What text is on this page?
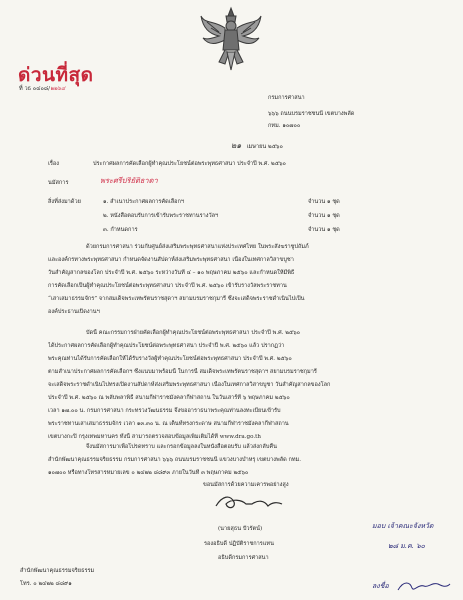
ด่วนที่สุด
ที่ วธ ๐๔๐๘/๒๒๖๔
กรมการศาสนา
๖๖๖ ถนนบรมราชชนนี เขตบางพลัด
กทม. ๑๐๗๐๐
๒๑ เมษายน ๒๕๖๐
เรื่อง	ประกาศผลการคัดเลือกผู้ทำคุณประโยชน์ต่อพระพุทธศาสนา ประจำปี พ.ศ. ๒๕๖๐
นมัสการ	พระศรีปริยัติธาดา
สิ่งที่ส่งมาด้วย	๑. สำเนาประกาศผลการคัดเลือกฯ	จำนวน ๑ ชุด
๒. หนังสือตอบรับการเข้ารับพระราชทานรางวัลฯ	จำนวน ๑ ชุด
๓. กำหนดการ	จำนวน ๑ ชุด
ด้วยกรมการศาสนา ร่วมกับศูนย์ส่งเสริมพระพุทธศาสนาแห่งประเทศไทย ในพระสังฆราชูปถัมภ์
และองค์กรทางพระพุทธศาสนา กำหนดจัดงานสัปดาห์ส่งเสริมพระพุทธศาสนา เนื่องในเทศกาลวิสาขบูชา
วันสำคัญสากลของโลก ประจำปี พ.ศ. ๒๕๖๐ ระหว่างวันที่ ๔ – ๑๐ พฤษภาคม ๒๕๖๐ และกำหนดให้มีพิธี
การคัดเลือกเป็นผู้ทำคุณประโยชน์ต่อพระพุทธศาสนา ประจำปี พ.ศ. ๒๕๖๐ เข้ารับรางวัลพระราชทาน
“เสาเสมาธรรมจักร” จากสมเด็จพระเทพรัตนราชสุดาฯ สยามบรมราชกุมารี ซึ่งจะเสด็จพระราชดำเนินไปเป็น
องค์ประธานเปิดงานฯ
บัดนี้ คณะกรรมการฝ่ายคัดเลือกผู้ทำคุณประโยชน์ต่อพระพุทธศาสนา ประจำปี พ.ศ. ๒๕๖๐
ได้ประกาศผลการคัดเลือกผู้ทำคุณประโยชน์ต่อพระพุทธศาสนา ประจำปี พ.ศ. ๒๕๖๐ แล้ว ปรากฏว่า
พระคุณท่านได้รับการคัดเลือกให้ได้รับรางวัลผู้ทำคุณประโยชน์ต่อพระพุทธศาสนา ประจำปี พ.ศ. ๒๕๖๐
ตามสำเนาประกาศผลการคัดเลือกฯ ซึ่งแนบมาพร้อมนี้ ในการนี้ สมเด็จพระเทพรัตนราชสุดาฯ สยามบรมราชกุมารี
จะเสด็จพระราชดำเนินไปทรงเปิดงานสัปดาห์ส่งเสริมพระพุทธศาสนา เนื่องในเทศกาลวิสาขบูชา วันสำคัญสากลของโลก
ประจำปี พ.ศ. ๒๕๖๐ ณ พลับพลาพิธี สนามกีฬาราชมังคลากีฬาสถาน ในวันเสาร์ที่ ๖ พฤษภาคม ๒๕๖๐
เวลา ๑๗.๐๐ น. กรมการศาสนา กระทรวงวัฒนธรรม จึงขออาราธนาพระคุณท่านลงทะเบียนเข้ารับ
พระราชทานเสาเสมาธรรมจักร เวลา ๑๓.๓๐ น. ณ เต็นท์ทรงกระดาษ สนามกีฬาราชมังคลากีฬาสถาน
เขตบางกะปิ กรุงเทพมหานคร ทั้งนี้ สามารถตรวจสอบข้อมูลเพิ่มเติมได้ที่ www.dra.go.th
จึงนมัสการมาเพื่อโปรดทราบ และกรอกข้อมูลลงในหนังสือตอบรับ แล้วส่งกลับคืน
สำนักพัฒนาคุณธรรมจริยธรรม กรมการศาสนา ๖๖๖ ถนนบรมราชชนนี แขวงบางบำหรุ เขตบางพลัด กทม.
๑๐๗๐๐ หรือทางโทรสารหมายเลข ๐ ๒๔๒๒ ๘๘๙๓ ภายในวันที่ ๓ พฤษภาคม ๒๕๖๐
ขอนมัสการด้วยความเคารพอย่างสูง
(นายสุธน ปัวรัตน์)
รองอธิบดี ปฏิบัติราชการแทน
อธิบดีกรมการศาสนา
สำนักพัฒนาคุณธรรมจริยธรรม
โทร. ๐ ๒๔๒๒ ๘๘๙๑
มอบ เจ้าคณะจังหวัด
๒๘ ม.ค. ๖๐
ลงชื่อ
